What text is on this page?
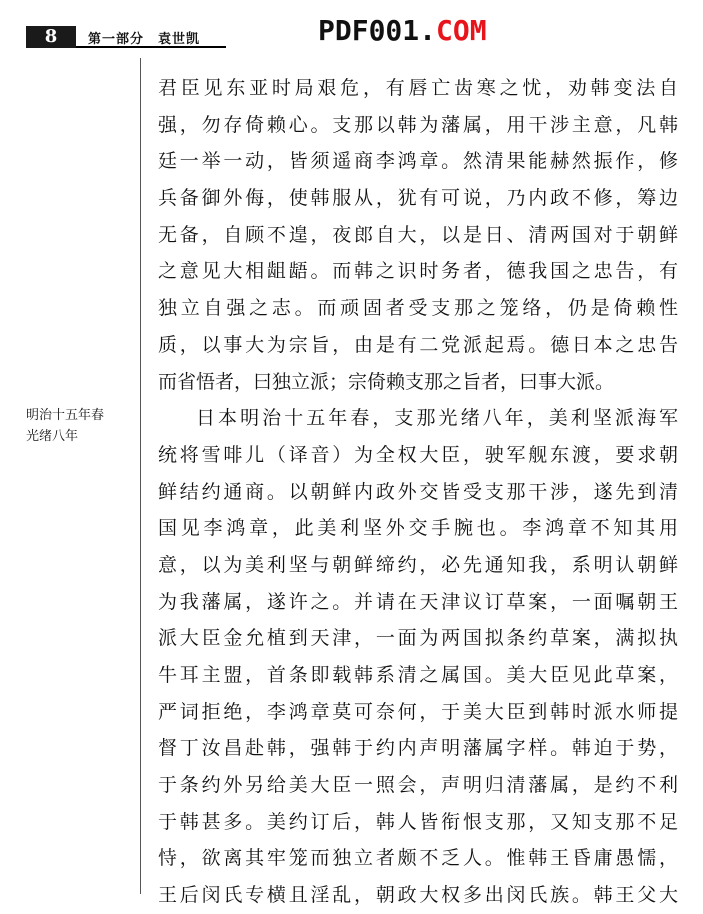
8	第一部分　袁世凯	PDF001.COM
明治十五年春
光绪八年
君臣见东亚时局艰危，有唇亡齿寒之忧，劝韩变法自
强，勿存倚赖心。支那以韩为藩属，用干涉主意，凡韩
廷一举一动，皆须遥商李鸿章。然清果能赫然振作，修
兵备御外侮，使韩服从，犹有可说，乃内政不修，筹边
无备，自顾不遑，夜郎自大，以是日、清两国对于朝鲜
之意见大相龃龉。而韩之识时务者，德我国之忠告，有
独立自强之志。而顽固者受支那之笼络，仍是倚赖性
质，以事大为宗旨，由是有二党派起焉。德日本之忠告
而省悟者，曰独立派；宗倚赖支那之旨者，曰事大派。
日本明治十五年春，支那光绪八年，美利坚派海军
统将雪啡儿（译音）为全权大臣，驶军舰东渡，要求朝
鲜结约通商。以朝鲜内政外交皆受支那干涉，遂先到清
国见李鸿章，此美利坚外交手腕也。李鸿章不知其用
意，以为美利坚与朝鲜缔约，必先通知我，系明认朝鲜
为我藩属，遂许之。并请在天津议订草案，一面嘱朝王
派大臣金允植到天津，一面为两国拟条约草案，满拟执
牛耳主盟，首条即载韩系清之属国。美大臣见此草案，
严词拒绝，李鸿章莫可奈何，于美大臣到韩时派水师提
督丁汝昌赴韩，强韩于约内声明藩属字样。韩迫于势，
于条约外另给美大臣一照会，声明归清藩属，是约不利
于韩甚多。美约订后，韩人皆衔恨支那，又知支那不足
恃，欲离其牢笼而独立者颇不乏人。惟韩王昏庸愚懦，
王后闵氏专横且淫乱，朝政大权多出闵氏族。韩王父大
